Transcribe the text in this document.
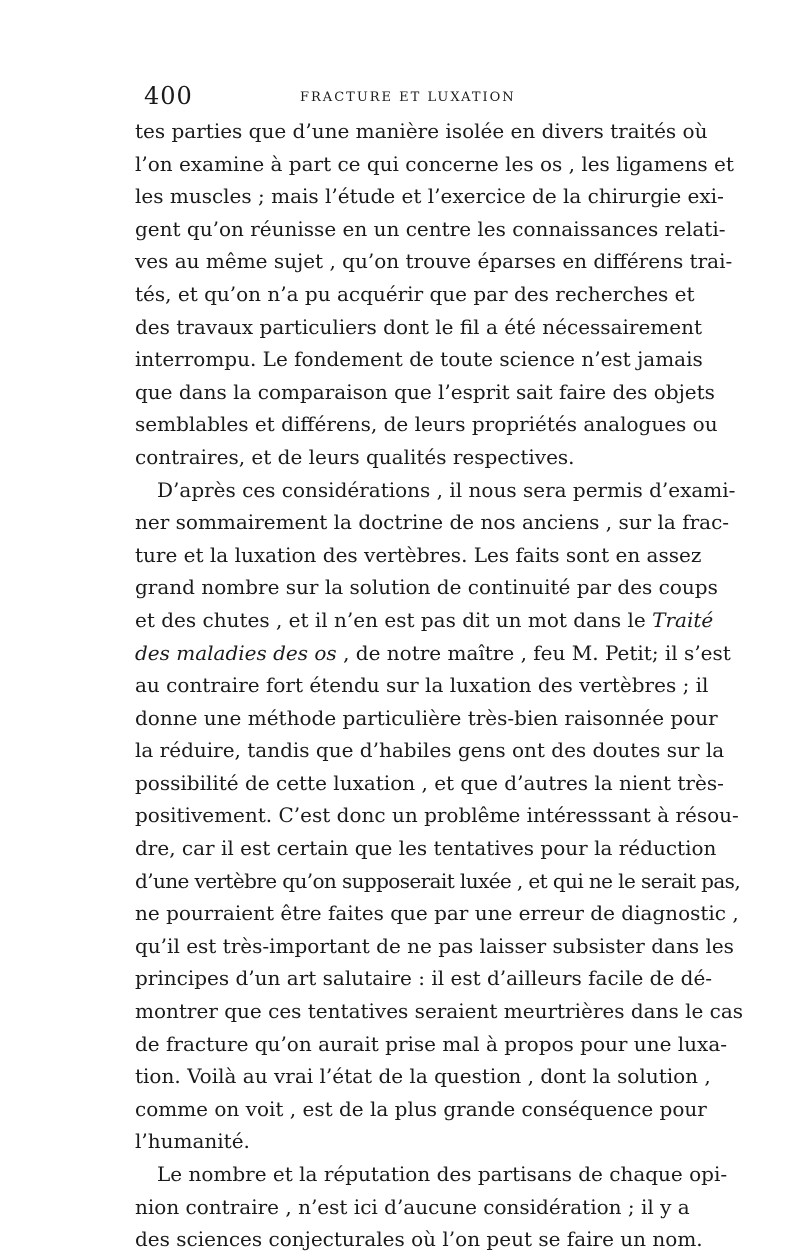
400	FRACTURE ET LUXATION
tes parties que d’une manière isolée en divers traités où
l’on examine à part ce qui concerne les os , les ligamens et
les muscles ; mais l’étude et l’exercice de la chirurgie exi-
gent qu’on réunisse en un centre les connaissances relati-
ves au même sujet , qu’on trouve éparses en différens trai-
tés, et qu’on n’a pu acquérir que par des recherches et
des travaux particuliers dont le fil a été nécessairement
interrompu. Le fondement de toute science n’est jamais
que dans la comparaison que l’esprit sait faire des objets
semblables et différens, de leurs propriétés analogues ou
contraires, et de leurs qualités respectives.
D’après ces considérations , il nous sera permis d’exami-
ner sommairement la doctrine de nos anciens , sur la frac-
ture et la luxation des vertèbres. Les faits sont en assez
grand nombre sur la solution de continuité par des coups
et des chutes , et il n’en est pas dit un mot dans le Traité
des maladies des os , de notre maître , feu M. Petit; il s’est
au contraire fort étendu sur la luxation des vertèbres ; il
donne une méthode particulière très-bien raisonnée pour
la réduire, tandis que d’habiles gens ont des doutes sur la
possibilité de cette luxation , et que d’autres la nient très-
positivement. C’est donc un problême intéresssant à résou-
dre, car il est certain que les tentatives pour la réduction
d’une vertèbre qu’on supposerait luxée , et qui ne le serait pas,
ne pourraient être faites que par une erreur de diagnostic ,
qu’il est très-important de ne pas laisser subsister dans les
principes d’un art salutaire : il est d’ailleurs facile de dé-
montrer que ces tentatives seraient meurtrières dans le cas
de fracture qu’on aurait prise mal à propos pour une luxa-
tion. Voilà au vrai l’état de la question , dont la solution ,
comme on voit , est de la plus grande conséquence pour
l’humanité.
Le nombre et la réputation des partisans de chaque opi-
nion contraire , n’est ici d’aucune considération ; il y a
des sciences conjecturales où l’on peut se faire un nom.
